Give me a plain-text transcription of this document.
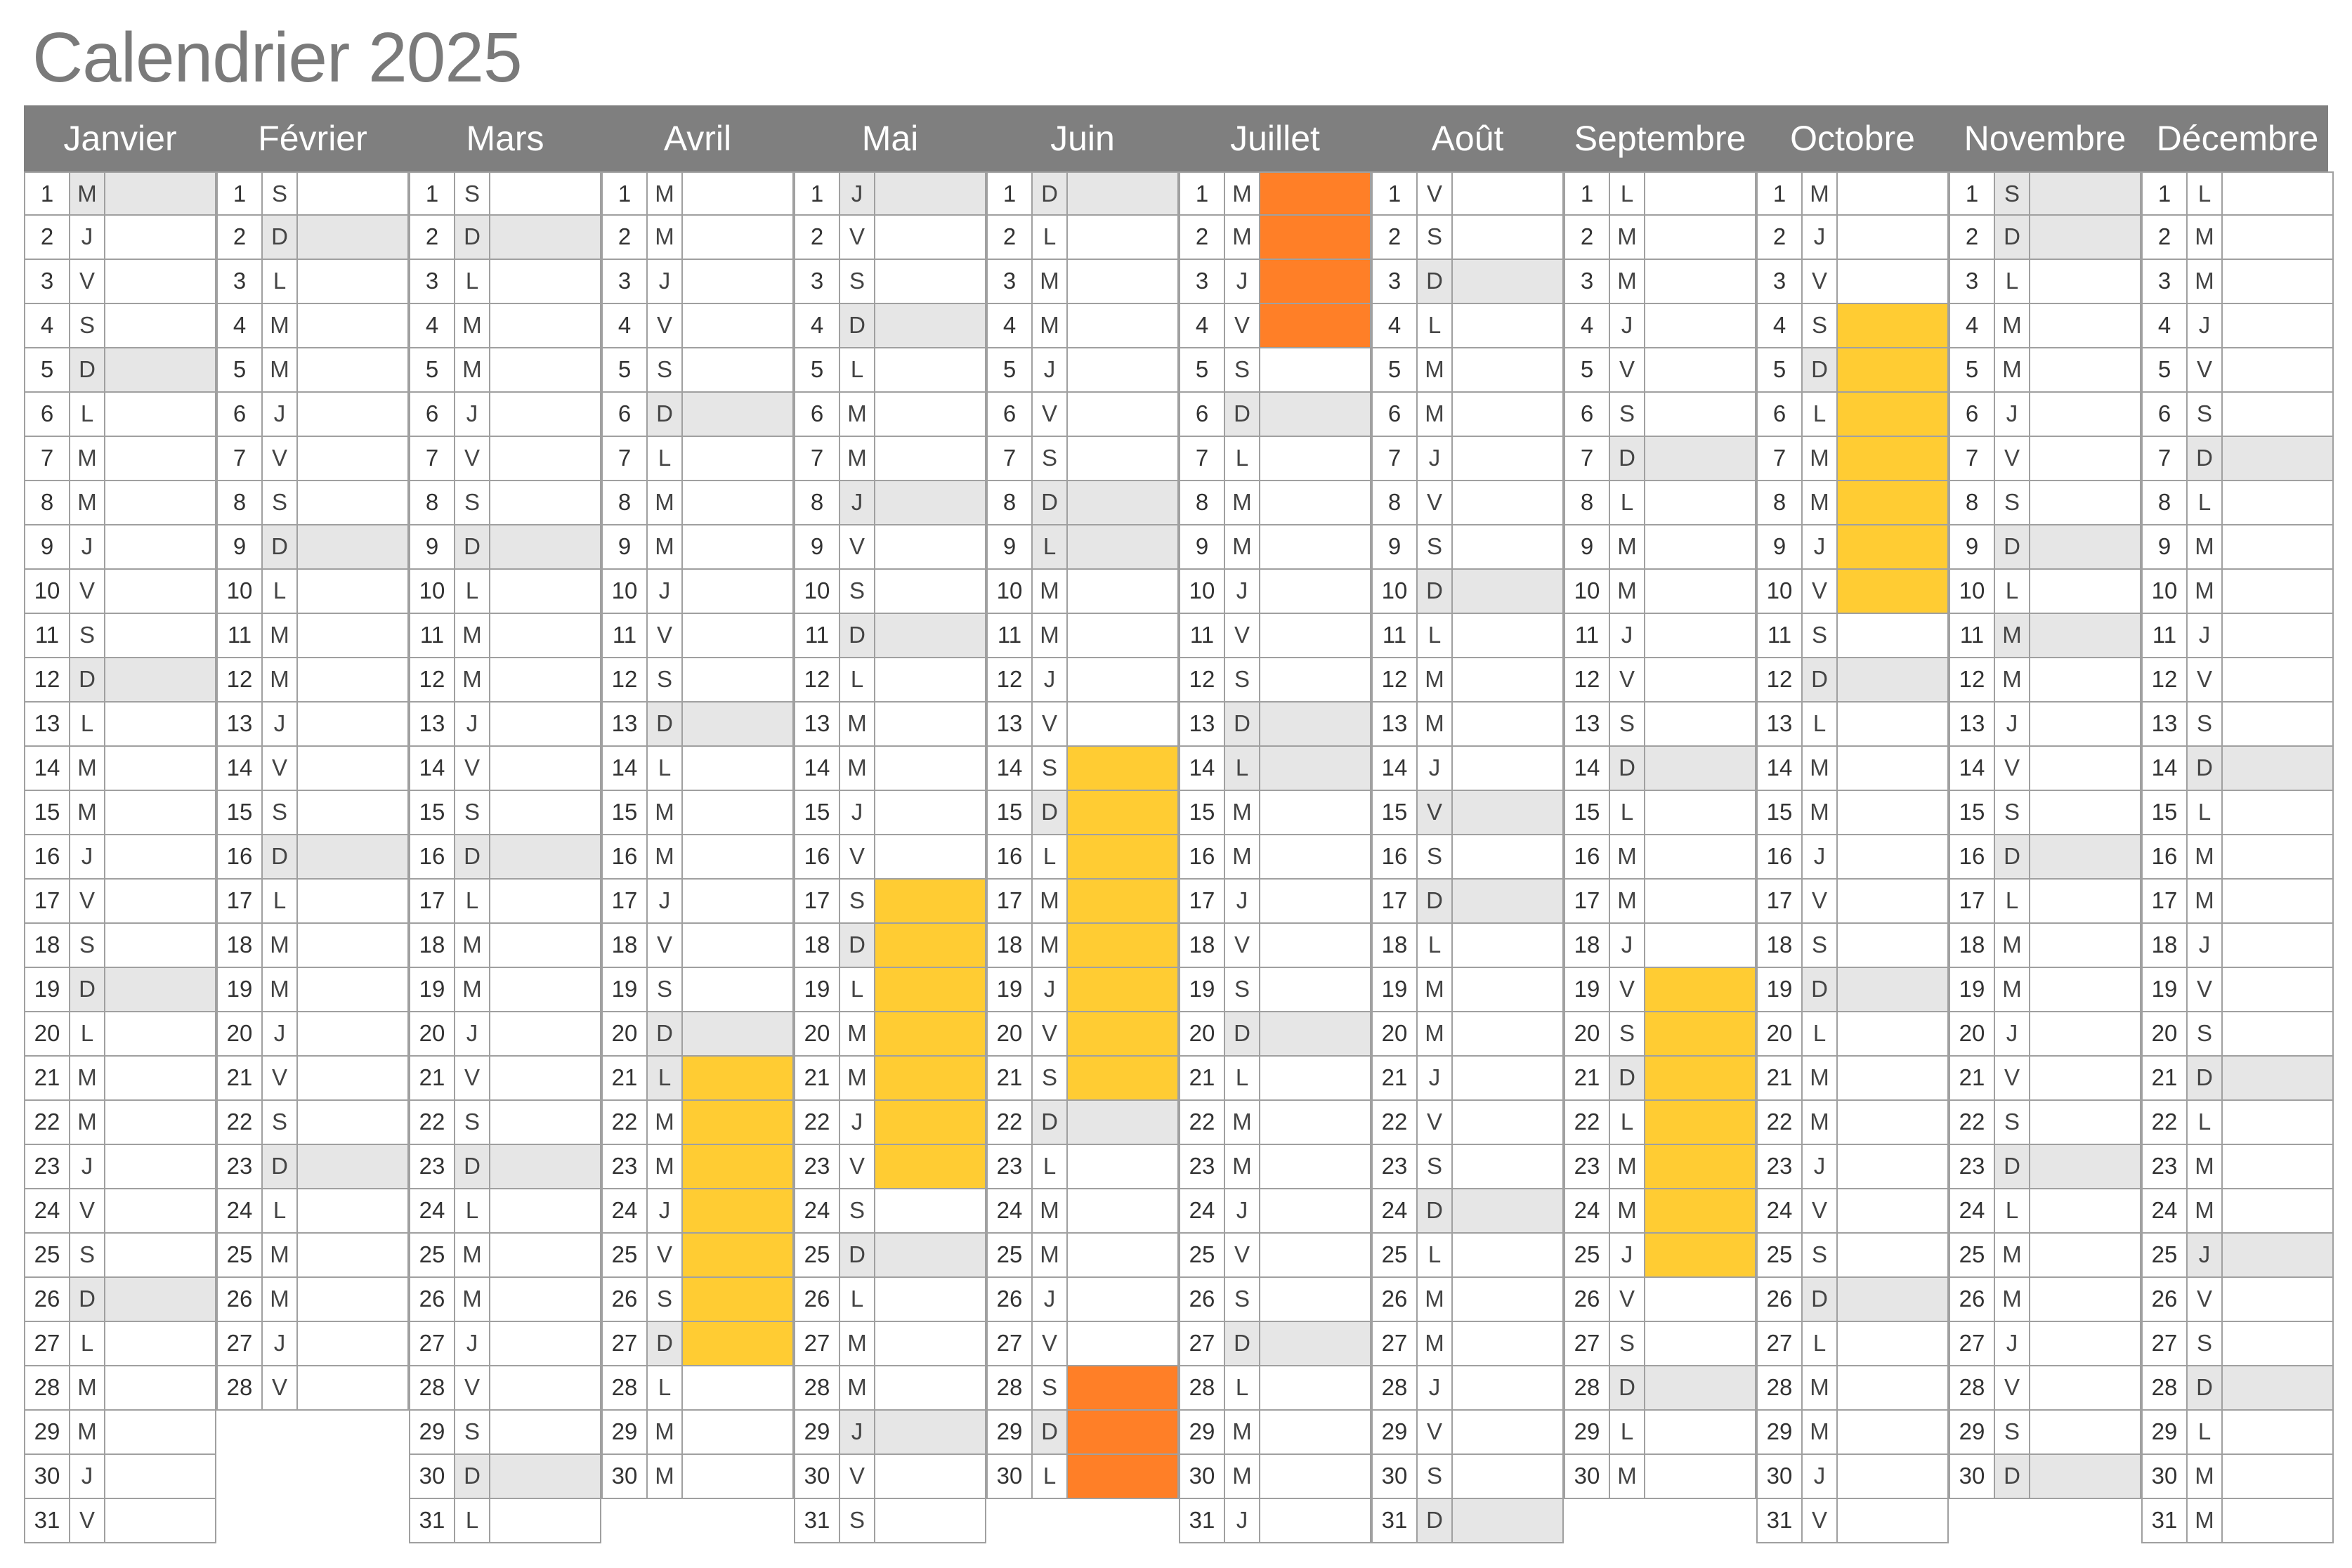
Calendrier 2025
Janvier
1	M
2	J
3	V
4	S
5	D
6	L
7	M
8	M
9	J
10 V
11 S
12 D
13 L
14 M
15 M
16 J
17 V
18 S
19 D
20 L
21 M
22 M
23 J
24 V
25 S
26 D
27 L
28 M
29 M
30 J
31 V
Février
1	S
2	D
3	L
4	M
5	M
6	J
7	V
8	S
9	D
10 L
11 M
12 M
13 J
14 V
15 S
16 D
17 L
18 M
19 M
20 J
21 V
22 S
23 D
24 L
25 M
26 M
27 J
28 V
Mars
1	S
2	D
3	L
4	M
5	M
6	J
7	V
8	S
9	D
10 L
11 M
12 M
13 J
14 V
15 S
16 D
17 L
18 M
19 M
20 J
21 V
22 S
23 D
24 L
25 M
26 M
27 J
28 V
29 S
30 D
31 L
Avril
1	M
2	M
3	J
4	V
5	S
6	D
7	L
8	M
9	M
10 J
11 V
12 S
13 D
14 L
15 M
16 M
17 J
18 V
19 S
20 D
21 L
22 M
23 M
24 J
25 V
26 S
27 D
28 L
29 M
30 M
Mai
1	J
2	V
3	S
4	D
5	L
6	M
7	M
8	J
9	V
10 S
11 D
12 L
13 M
14 M
15 J
16 V
17 S
18 D
19 L
20 M
21 M
22 J
23 V
24 S
25 D
26 L
27 M
28 M
29 J
30 V
31 S
Juin
1	D
2	L
3	M
4	M
5	J
6	V
7	S
8	D
9	L
10 M
11 M
12 J
13 V
14 S
15 D
16 L
17 M
18 M
19 J
20 V
21 S
22 D
23 L
24 M
25 M
26 J
27 V
28 S
29 D
30 L
Juillet
1	M
2	M
3	J
4	V
5	S
6	D
7	L
8	M
9	M
10 J
11 V
12 S
13 D
14 L
15 M
16 M
17 J
18 V
19 S
20 D
21 L
22 M
23 M
24 J
25 V
26 S
27 D
28 L
29 M
30 M
31 J
Août
1	V
2	S
3	D
4	L
5	M
6	M
7	J
8	V
9	S
10 D
11 L
12 M
13 M
14 J
15 V
16 S
17 D
18 L
19 M
20 M
21 J
22 V
23 S
24 D
25 L
26 M
27 M
28 J
29 V
30 S
31 D
Septembre
1	L
2	M
3	M
4	J
5	V
6	S
7	D
8	L
9	M
10 M
11 J
12 V
13 S
14 D
15 L
16 M
17 M
18 J
19 V
20 S
21 D
22 L
23 M
24 M
25 J
26 V
27 S
28 D
29 L
30 M
Octobre
1	M
2	J
3	V
4	S
5	D
6	L
7	M
8	M
9	J
10 V
11 S
12 D
13 L
14 M
15 M
16 J
17 V
18 S
19 D
20 L
21 M
22 M
23 J
24 V
25 S
26 D
27 L
28 M
29 M
30 J
31 V
Novembre
1	S
2	D
3	L
4	M
5	M
6	J
7	V
8	S
9	D
10 L
11 M
12 M
13 J
14 V
15 S
16 D
17 L
18 M
19 M
20 J
21 V
22 S
23 D
24 L
25 M
26 M
27 J
28 V
29 S
30 D
Décembre
1	L
2	M
3	M
4	J
5	V
6	S
7	D
8	L
9	M
10 M
11 J
12 V
13 S
14 D
15 L
16 M
17 M
18 J
19 V
20 S
21 D
22 L
23 M
24 M
25 J
26 V
27 S
28 D
29 L
30 M
31 M
